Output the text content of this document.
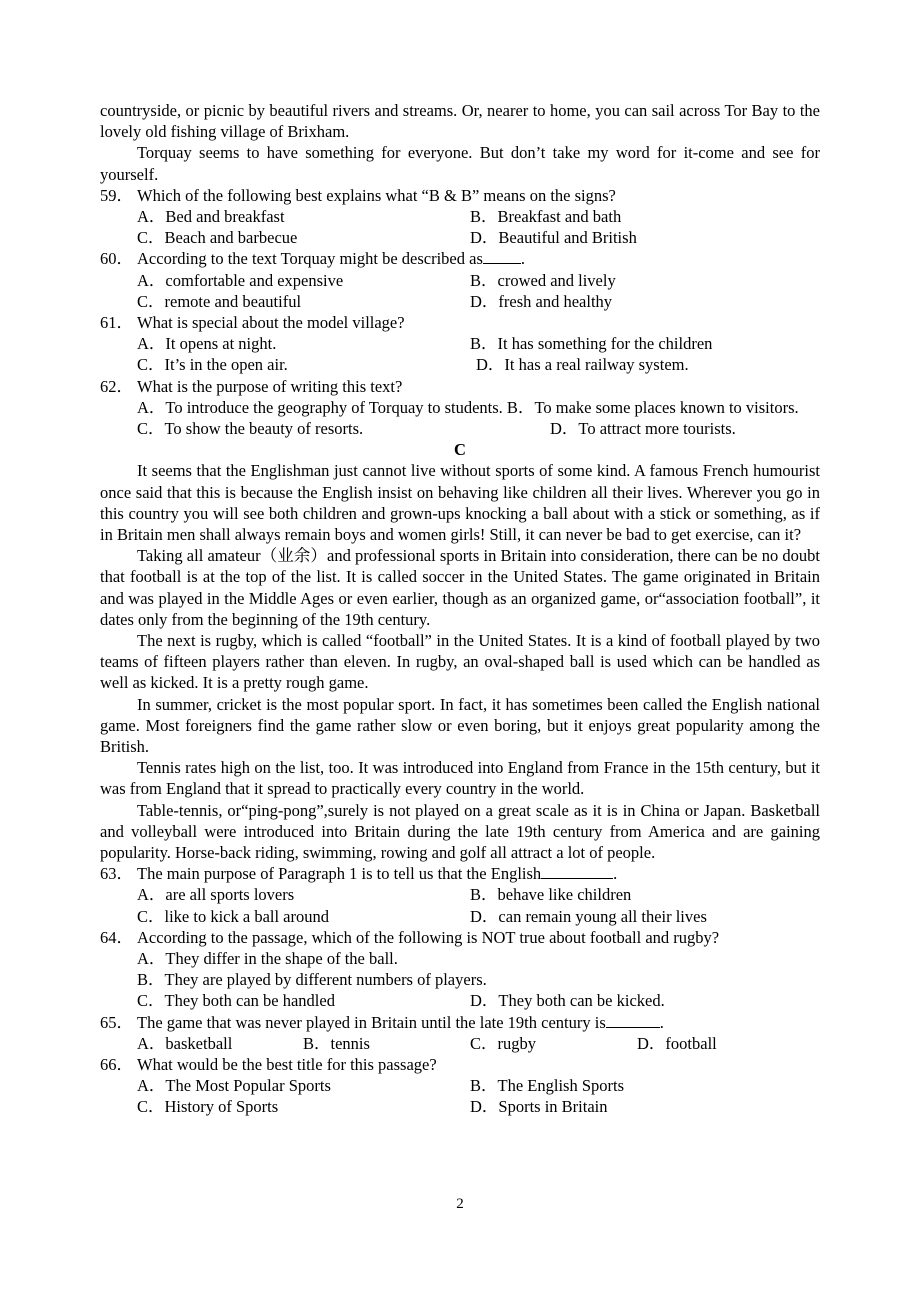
countryside, or picnic by beautiful rivers and streams. Or, nearer to home, you can sail across Tor Bay to the lovely old fishing village of Brixham.

Torquay seems to have something for everyone. But don’t take my word for it-come and see for yourself.

59． Which of the following best explains what “B & B” means on the signs?

A．Bed and breakfast	B．Breakfast and bath
C．Beach and barbecue	D．Beautiful and British

60． According to the text Torquay might be described as .

A．comfortable and expensive	B．crowed and lively
C．remote and beautiful	D．fresh and healthy

61． What is special about the model village?

A．It opens at night.	B．It has something for the children
C．It’s in the open air.	D．It has a real railway system.

62． What is the purpose of writing this text?

A．To introduce the geography of Torquay to students. B．To make some places known to visitors.

C．To show the beauty of resorts.	D．To attract more tourists.

C

It seems that the Englishman just cannot live without sports of some kind. A famous French humourist once said that this is because the English insist on behaving like children all their lives. Wherever you go in this country you will see both children and grown-ups knocking a ball about with a stick or something, as if in Britain men shall always remain boys and women girls! Still, it can never be bad to get exercise, can it?

Taking all amateur（业余）and professional sports in Britain into consideration, there can be no doubt that football is at the top of the list. It is called soccer in the United States. The game originated in Britain and was played in the Middle Ages or even earlier, though as an organized game, or“association football”, it dates only from the beginning of the 19th century.

The next is rugby, which is called “football” in the United States. It is a kind of football played by two teams of fifteen players rather than eleven. In rugby, an oval-shaped ball is used which can be handled as well as kicked. It is a pretty rough game.

In summer, cricket is the most popular sport. In fact, it has sometimes been called the English national game. Most foreigners find the game rather slow or even boring, but it enjoys great popularity among the British.

Tennis rates high on the list, too. It was introduced into England from France in the 15th century, but it was from England that it spread to practically every country in the world.

Table-tennis, or“ping-pong”,surely is not played on a great scale as it is in China or Japan. Basketball and volleyball were introduced into Britain during the late 19th century from America and are gaining popularity. Horse-back riding, swimming, rowing and golf all attract a lot of people.

63． The main purpose of Paragraph 1 is to tell us that the English	.

A．are all sports lovers	B．behave like children
C．like to kick a ball around	D．can remain young all their lives

64． According to the passage, which of the following is NOT true about football and rugby?

A．They differ in the shape of the ball.
B．They are played by different numbers of players.
C．They both can be handled	D．They both can be kicked.

65． The game that was never played in Britain until the late 19th century is	.

A．basketball	B．tennis	C．rugby	D．football

66． What would be the best title for this passage?

A．The Most Popular Sports	B．The English Sports
C．History of Sports	D．Sports in Britain
2
